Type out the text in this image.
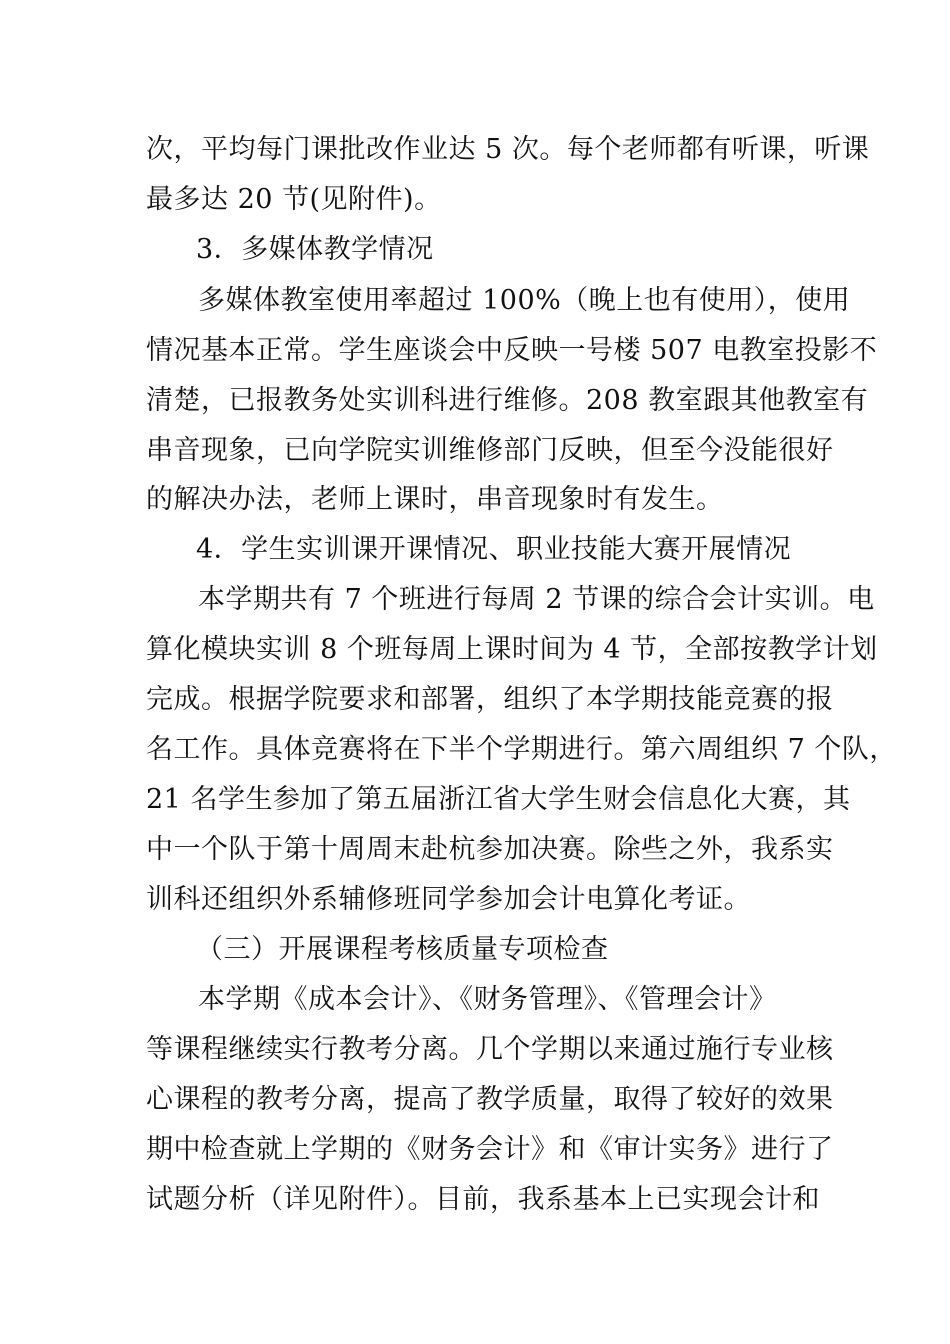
次，平均每门课批改作业达 5 次。每个老师都有听课，听课
最多达 20 节(见附件)。
3．多媒体教学情况
多媒体教室使用率超过 100%（晚上也有使用），使用
情况基本正常。学生座谈会中反映一号楼 507 电教室投影不
清楚，已报教务处实训科进行维修。208 教室跟其他教室有
串音现象，已向学院实训维修部门反映，但至今没能很好
的解决办法，老师上课时，串音现象时有发生。
4．学生实训课开课情况、职业技能大赛开展情况
本学期共有 7 个班进行每周 2 节课的综合会计实训。电
算化模块实训 8 个班每周上课时间为 4 节，全部按教学计划
完成。根据学院要求和部署，组织了本学期技能竞赛的报
名工作。具体竞赛将在下半个学期进行。第六周组织 7 个队，
21 名学生参加了第五届浙江省大学生财会信息化大赛，其
中一个队于第十周周末赴杭参加决赛。除些之外，我系实
训科还组织外系辅修班同学参加会计电算化考证。
（三）开展课程考核质量专项检查
本学期《成本会计》、《财务管理》、《管理会计》
等课程继续实行教考分离。几个学期以来通过施行专业核
心课程的教考分离，提高了教学质量，取得了较好的效果
期中检查就上学期的《财务会计》和《审计实务》进行了
试题分析（详见附件）。目前，我系基本上已实现会计和
